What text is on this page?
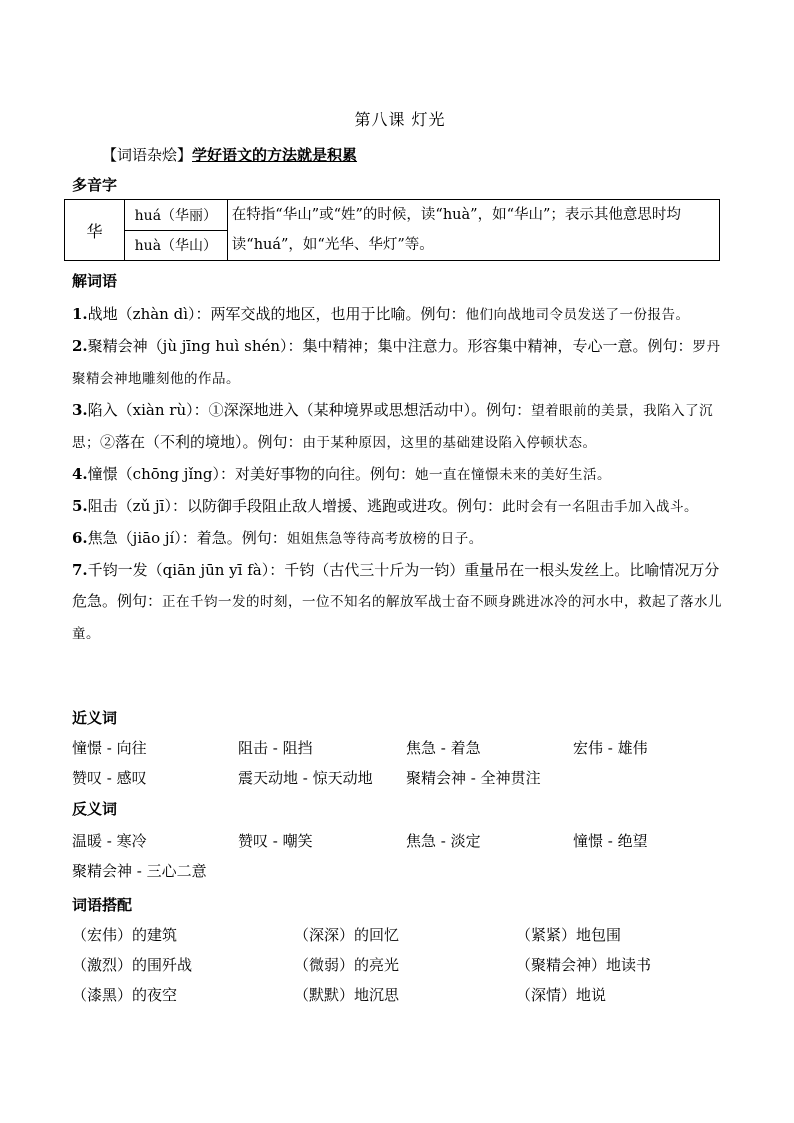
第八课 灯光
【词语杂烩】学好语文的方法就是积累
多音字
华	huá（华丽）	在特指“华山”或“姓”的时候，读“huà”，如“华山”；表示其他意思时均读“huá”，如“光华、华灯”等。
huà（华山）
解词语
1.战地（zhàn dì）：两军交战的地区，也用于比喻。例句：他们向战地司令员发送了一份报告。
2.聚精会神（jù jīng huì shén）：集中精神；集中注意力。形容集中精神，专心一意。例句：罗丹聚精会神地雕刻他的作品。
3.陷入（xiàn rù）：①深深地进入（某种境界或思想活动中）。例句：望着眼前的美景，我陷入了沉思；②落在（不利的境地）。例句：由于某种原因，这里的基础建设陷入停顿状态。
4.憧憬（chōng jǐng）：对美好事物的向往。例句：她一直在憧憬未来的美好生活。
5.阻击（zǔ jī）：以防御手段阻止敌人增援、逃跑或进攻。例句：此时会有一名阻击手加入战斗。
6.焦急（jiāo jí）：着急。例句：姐姐焦急等待高考放榜的日子。
7.千钧一发（qiān jūn yī fà）：千钧（古代三十斤为一钧）重量吊在一根头发丝上。比喻情况万分危急。例句：正在千钧一发的时刻，一位不知名的解放军战士奋不顾身跳进冰冷的河水中，救起了落水儿童。
近义词
憧憬 - 向往	阻击 - 阻挡	焦急 - 着急	宏伟 - 雄伟
赞叹 - 感叹	震天动地 - 惊天动地 聚精会神 - 全神贯注
反义词
温暖 - 寒冷	赞叹 - 嘲笑	焦急 - 淡定	憧憬 - 绝望
聚精会神 - 三心二意
词语搭配
（宏伟）的建筑	（深深）的回忆	（紧紧）地包围
（激烈）的围歼战	（微弱）的亮光	（聚精会神）地读书
（漆黑）的夜空	（默默）地沉思	（深情）地说
